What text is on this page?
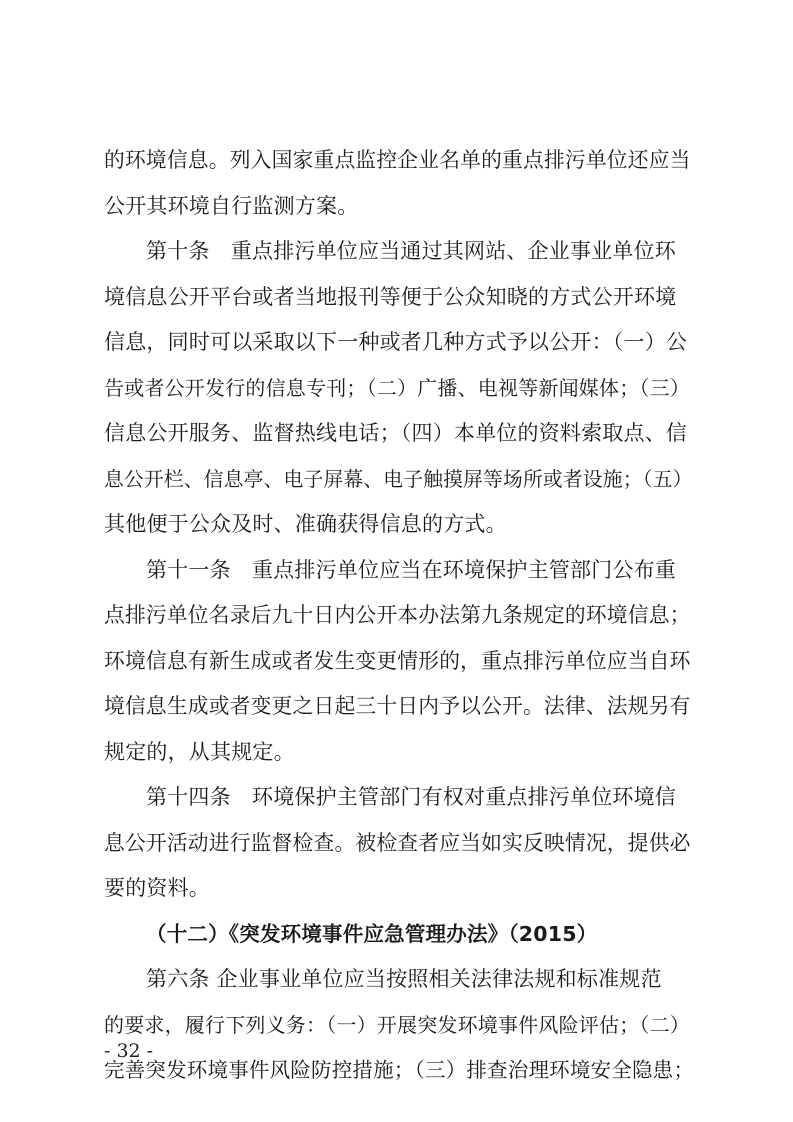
的环境信息。列入国家重点监控企业名单的重点排污单位还应当
公开其环境自行监测方案。
第十条　重点排污单位应当通过其网站、企业事业单位环
境信息公开平台或者当地报刊等便于公众知晓的方式公开环境
信息，同时可以采取以下一种或者几种方式予以公开：（一）公
告或者公开发行的信息专刊；（二）广播、电视等新闻媒体；（三）
信息公开服务、监督热线电话；（四）本单位的资料索取点、信
息公开栏、信息亭、电子屏幕、电子触摸屏等场所或者设施；（五）
其他便于公众及时、准确获得信息的方式。
第十一条　重点排污单位应当在环境保护主管部门公布重
点排污单位名录后九十日内公开本办法第九条规定的环境信息；
环境信息有新生成或者发生变更情形的，重点排污单位应当自环
境信息生成或者变更之日起三十日内予以公开。法律、法规另有
规定的，从其规定。
第十四条　环境保护主管部门有权对重点排污单位环境信
息公开活动进行监督检查。被检查者应当如实反映情况，提供必
要的资料。
（十二）《突发环境事件应急管理办法》（2015）
第六条 企业事业单位应当按照相关法律法规和标准规范
的要求，履行下列义务：（一）开展突发环境事件风险评估；（二）
完善突发环境事件风险防控措施；（三）排查治理环境安全隐患；
- 32 -
